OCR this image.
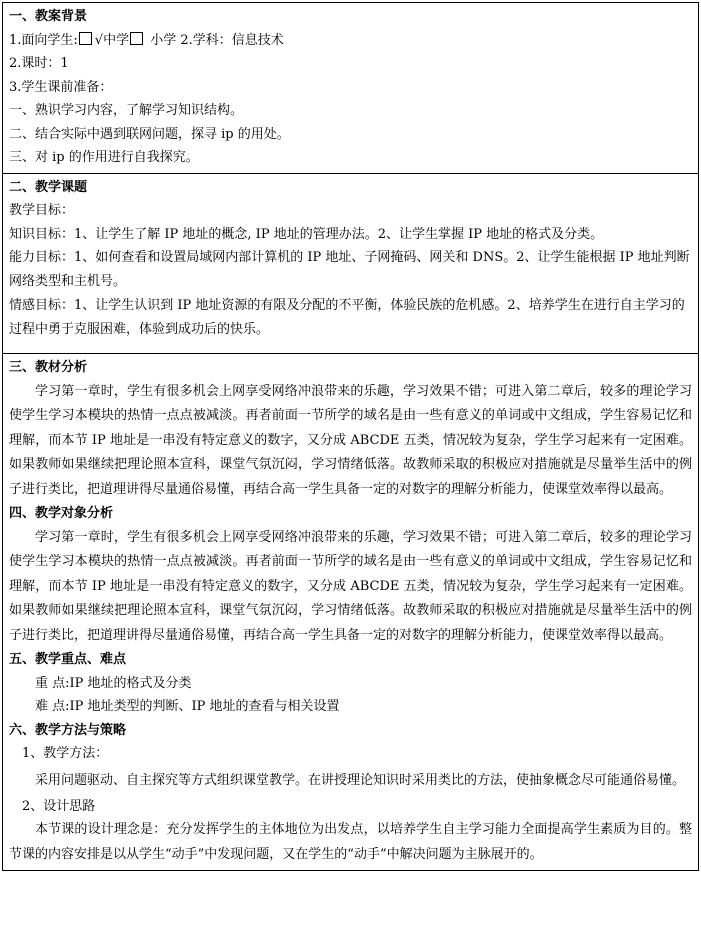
一、教案背景

1.面向学生: √中学 小学 2.学科：信息技术

2.课时：1

3.学生课前准备：

一、熟识学习内容，了解学习知识结构。

二、结合实际中遇到联网问题，探寻 ip 的用处。

三、对 ip 的作用进行自我探究。

二、教学课题

教学目标：

知识目标：1、让学生了解 IP 地址的概念, IP 地址的管理办法。2、让学生掌握 IP 地址的格式及分类。

能力目标：1、如何查看和设置局域网内部计算机的 IP 地址、子网掩码、网关和 DNS。2、让学生能根据 IP 地址判断网络类型和主机号。

情感目标：1、让学生认识到 IP 地址资源的有限及分配的不平衡，体验民族的危机感。2、培养学生在进行自主学习的过程中勇于克服困难，体验到成功后的快乐。

三、教材分析

学习第一章时，学生有很多机会上网享受网络冲浪带来的乐趣，学习效果不错；可进入第二章后，较多的理论学习使学生学习本模块的热情一点点被减淡。再者前面一节所学的域名是由一些有意义的单词或中文组成，学生容易记忆和理解，而本节 IP 地址是一串没有特定意义的数字，又分成 ABCDE 五类，情况较为复杂，学生学习起来有一定困难。如果教师如果继续把理论照本宣科，课堂气氛沉闷，学习情绪低落。故教师采取的积极应对措施就是尽量举生活中的例子进行类比，把道理讲得尽量通俗易懂，再结合高一学生具备一定的对数字的理解分析能力，使课堂效率得以最高。

四、教学对象分析

学习第一章时，学生有很多机会上网享受网络冲浪带来的乐趣，学习效果不错；可进入第二章后，较多的理论学习使学生学习本模块的热情一点点被减淡。再者前面一节所学的域名是由一些有意义的单词或中文组成，学生容易记忆和理解，而本节 IP 地址是一串没有特定意义的数字，又分成 ABCDE 五类，情况较为复杂，学生学习起来有一定困难。如果教师如果继续把理论照本宣科，课堂气氛沉闷，学习情绪低落。故教师采取的积极应对措施就是尽量举生活中的例子进行类比，把道理讲得尽量通俗易懂，再结合高一学生具备一定的对数字的理解分析能力，使课堂效率得以最高。

五、教学重点、难点

重 点:IP 地址的格式及分类

难 点:IP 地址类型的判断、IP 地址的查看与相关设置

六、教学方法与策略

1、教学方法：

采用问题驱动、自主探究等方式组织课堂教学。在讲授理论知识时采用类比的方法，使抽象概念尽可能通俗易懂。

2、设计思路

本节课的设计理念是：充分发挥学生的主体地位为出发点，以培养学生自主学习能力全面提高学生素质为目的。整节课的内容安排是以从学生“动手”中发现问题，又在学生的“动手”中解决问题为主脉展开的。
